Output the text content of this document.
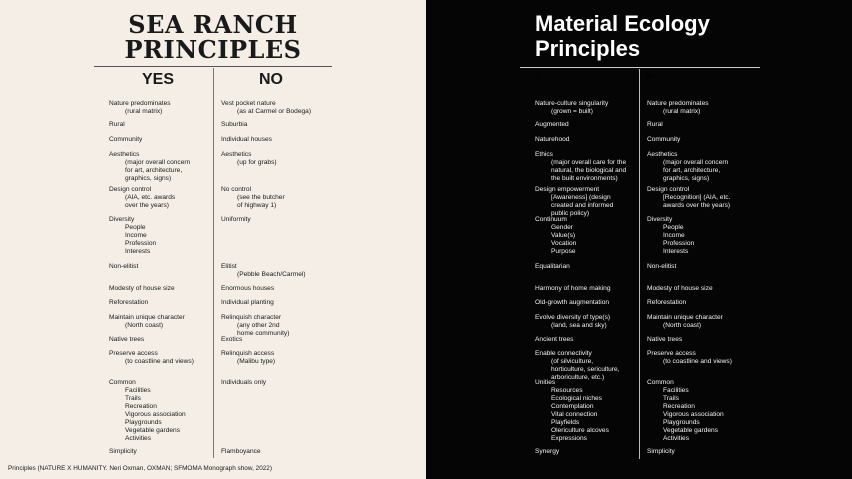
SEA RANCH
PRINCIPLES
YES	NO
Nature predominates
(rural matrix)
Rural
Community
Aesthetics
(major overall concern
for art, architecture,
graphics, signs)
Design control
(AIA, etc. awards
over the years)
Diversity
People
Income
Profession
Interests
Non-elitist
Modesty of house size
Reforestation
Maintain unique character
(North coast)
Native trees
Preserve access
(to coastline and views)
Common
Facilities
Trails
Recreation
Vigorous association
Playgrounds
Vegetable gardens
Activities
Simplicity
Vest pocket nature
(as at Carmel or Bodega)
Suburbia
Individual houses
Aesthetics
(up for grabs)
No control
(see the butcher
of highway 1)
Uniformity
Elitist
(Pebble Beach/Carmel)
Enormous houses
Individual planting
Relinquish character
(any other 2nd
home community)
Exotics
Relinquish access
(Malibu type)
Individuals only
Flamboyance
Material Ecology
Principles
Y	N
Nature-culture singularity
(grown = built)
Augmented
Naturehood
Ethics
(major overall care for the
natural, the biological and
the built environments)
Design empowerment
[Awareness] (design
created and informed
public policy)
Continuum
Gender
Value(s)
Vocation
Purpose
Equalitarian
Harmony of home making
Old-growth augmentation
Evolve diversity of type(s)
(land, sea and sky)
Ancient trees
Enable connectivity
(of silviculture,
horticulture, sericulture,
arboriculture, etc.)
Unities
Resources
Ecological niches
Contemplation
Vital connection
Playfields
Olericulture alcoves
Expressions
Synergy
Nature predominates
(rural matrix)
Rural
Community
Aesthetics
(major overall concern
for art, architecture,
graphics, signs)
Design control
[Recognition] (AIA, etc.
awards over the years)
Diversity
People
Income
Profession
Interests
Non-elitist
Modesty of house size
Reforestation
Maintain unique character
(North coast)
Native trees
Preserve access
(to coastline and views)
Common
Facilities
Trails
Recreation
Vigorous association
Playgrounds
Vegetable gardens
Activities
Simplicity
Principles (NATURE X HUMANITY. Neri Oxman, OXMAN; SFMOMA Monograph show, 2022)
